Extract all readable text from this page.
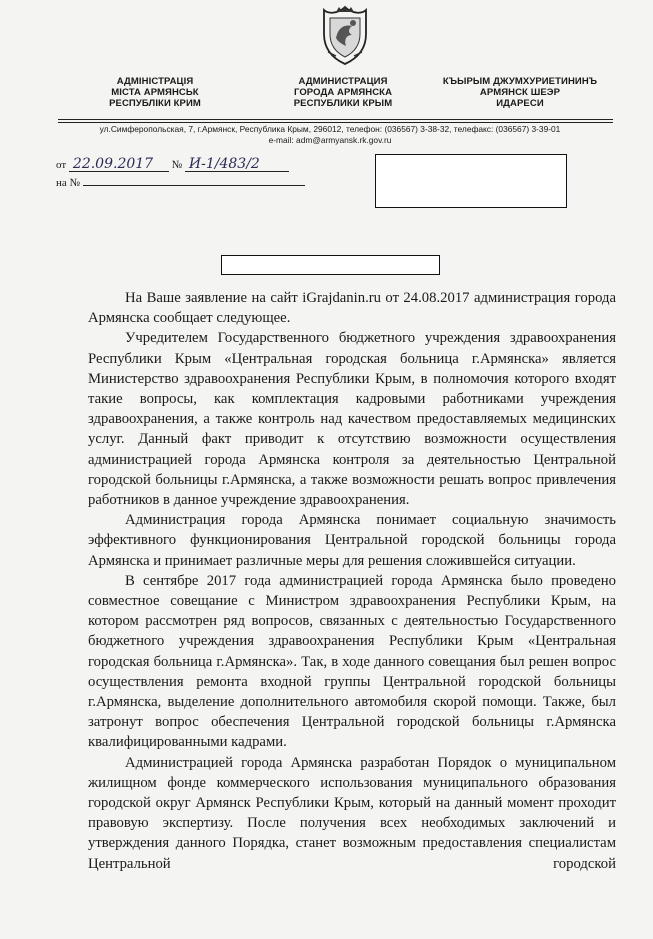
АДМІНІСТРАЦІЯ
МІСТА АРМЯНСЬК
РЕСПУБЛІКИ КРИМ
АДМИНИСТРАЦИЯ
ГОРОДА АРМЯНСКА
РЕСПУБЛИКИ КРЫМ
КЪЫРЫМ ДЖУМХУРИЕТИНИНЪ
АРМЯНСК ШЕЭР
ИДАРЕСИ
ул.Симферопольская, 7, г.Армянск, Республика Крым, 296012, телефон: (036567) 3-38-32, телефакс: (036567) 3-39-01
e-mail: adm@armyansk.rk.gov.ru
от 22.09.2017 № И-1/483/2
на №

На Ваше заявление на сайт iGrajdanin.ru от 24.08.2017 администрация города Армянска сообщает следующее.

Учредителем Государственного бюджетного учреждения здравоохранения Республики Крым «Центральная городская больница г.Армянска» является Министерство здравоохранения Республики Крым, в полномочия которого входят такие вопросы, как комплектация кадровыми работниками учреждения здравоохранения, а также контроль над качеством предоставляемых медицинских услуг. Данный факт приводит к отсутствию возможности осуществления администрацией города Армянска контроля за деятельностью Центральной городской больницы г.Армянска, а также возможности решать вопрос привлечения работников в данное учреждение здравоохранения.

Администрация города Армянска понимает социальную значимость эффективного функционирования Центральной городской больницы города Армянска и принимает различные меры для решения сложившейся ситуации.

В сентябре 2017 года администрацией города Армянска было проведено совместное совещание с Министром здравоохранения Республики Крым, на котором рассмотрен ряд вопросов, связанных с деятельностью Государственного бюджетного учреждения здравоохранения Республики Крым «Центральная городская больница г.Армянска». Так, в ходе данного совещания был решен вопрос осуществления ремонта входной группы Центральной городской больницы г.Армянска, выделение дополнительного автомобиля скорой помощи. Также, был затронут вопрос обеспечения Центральной городской больницы г.Армянска квалифицированными кадрами.

Администрацией города Армянска разработан Порядок о муниципальном жилищном фонде коммерческого использования муниципального образования городской округ Армянск Республики Крым, который на данный момент проходит правовую экспертизу. После получения всех необходимых заключений и утверждения данного Порядка, станет возможным предоставления специалистам Центральной городской
